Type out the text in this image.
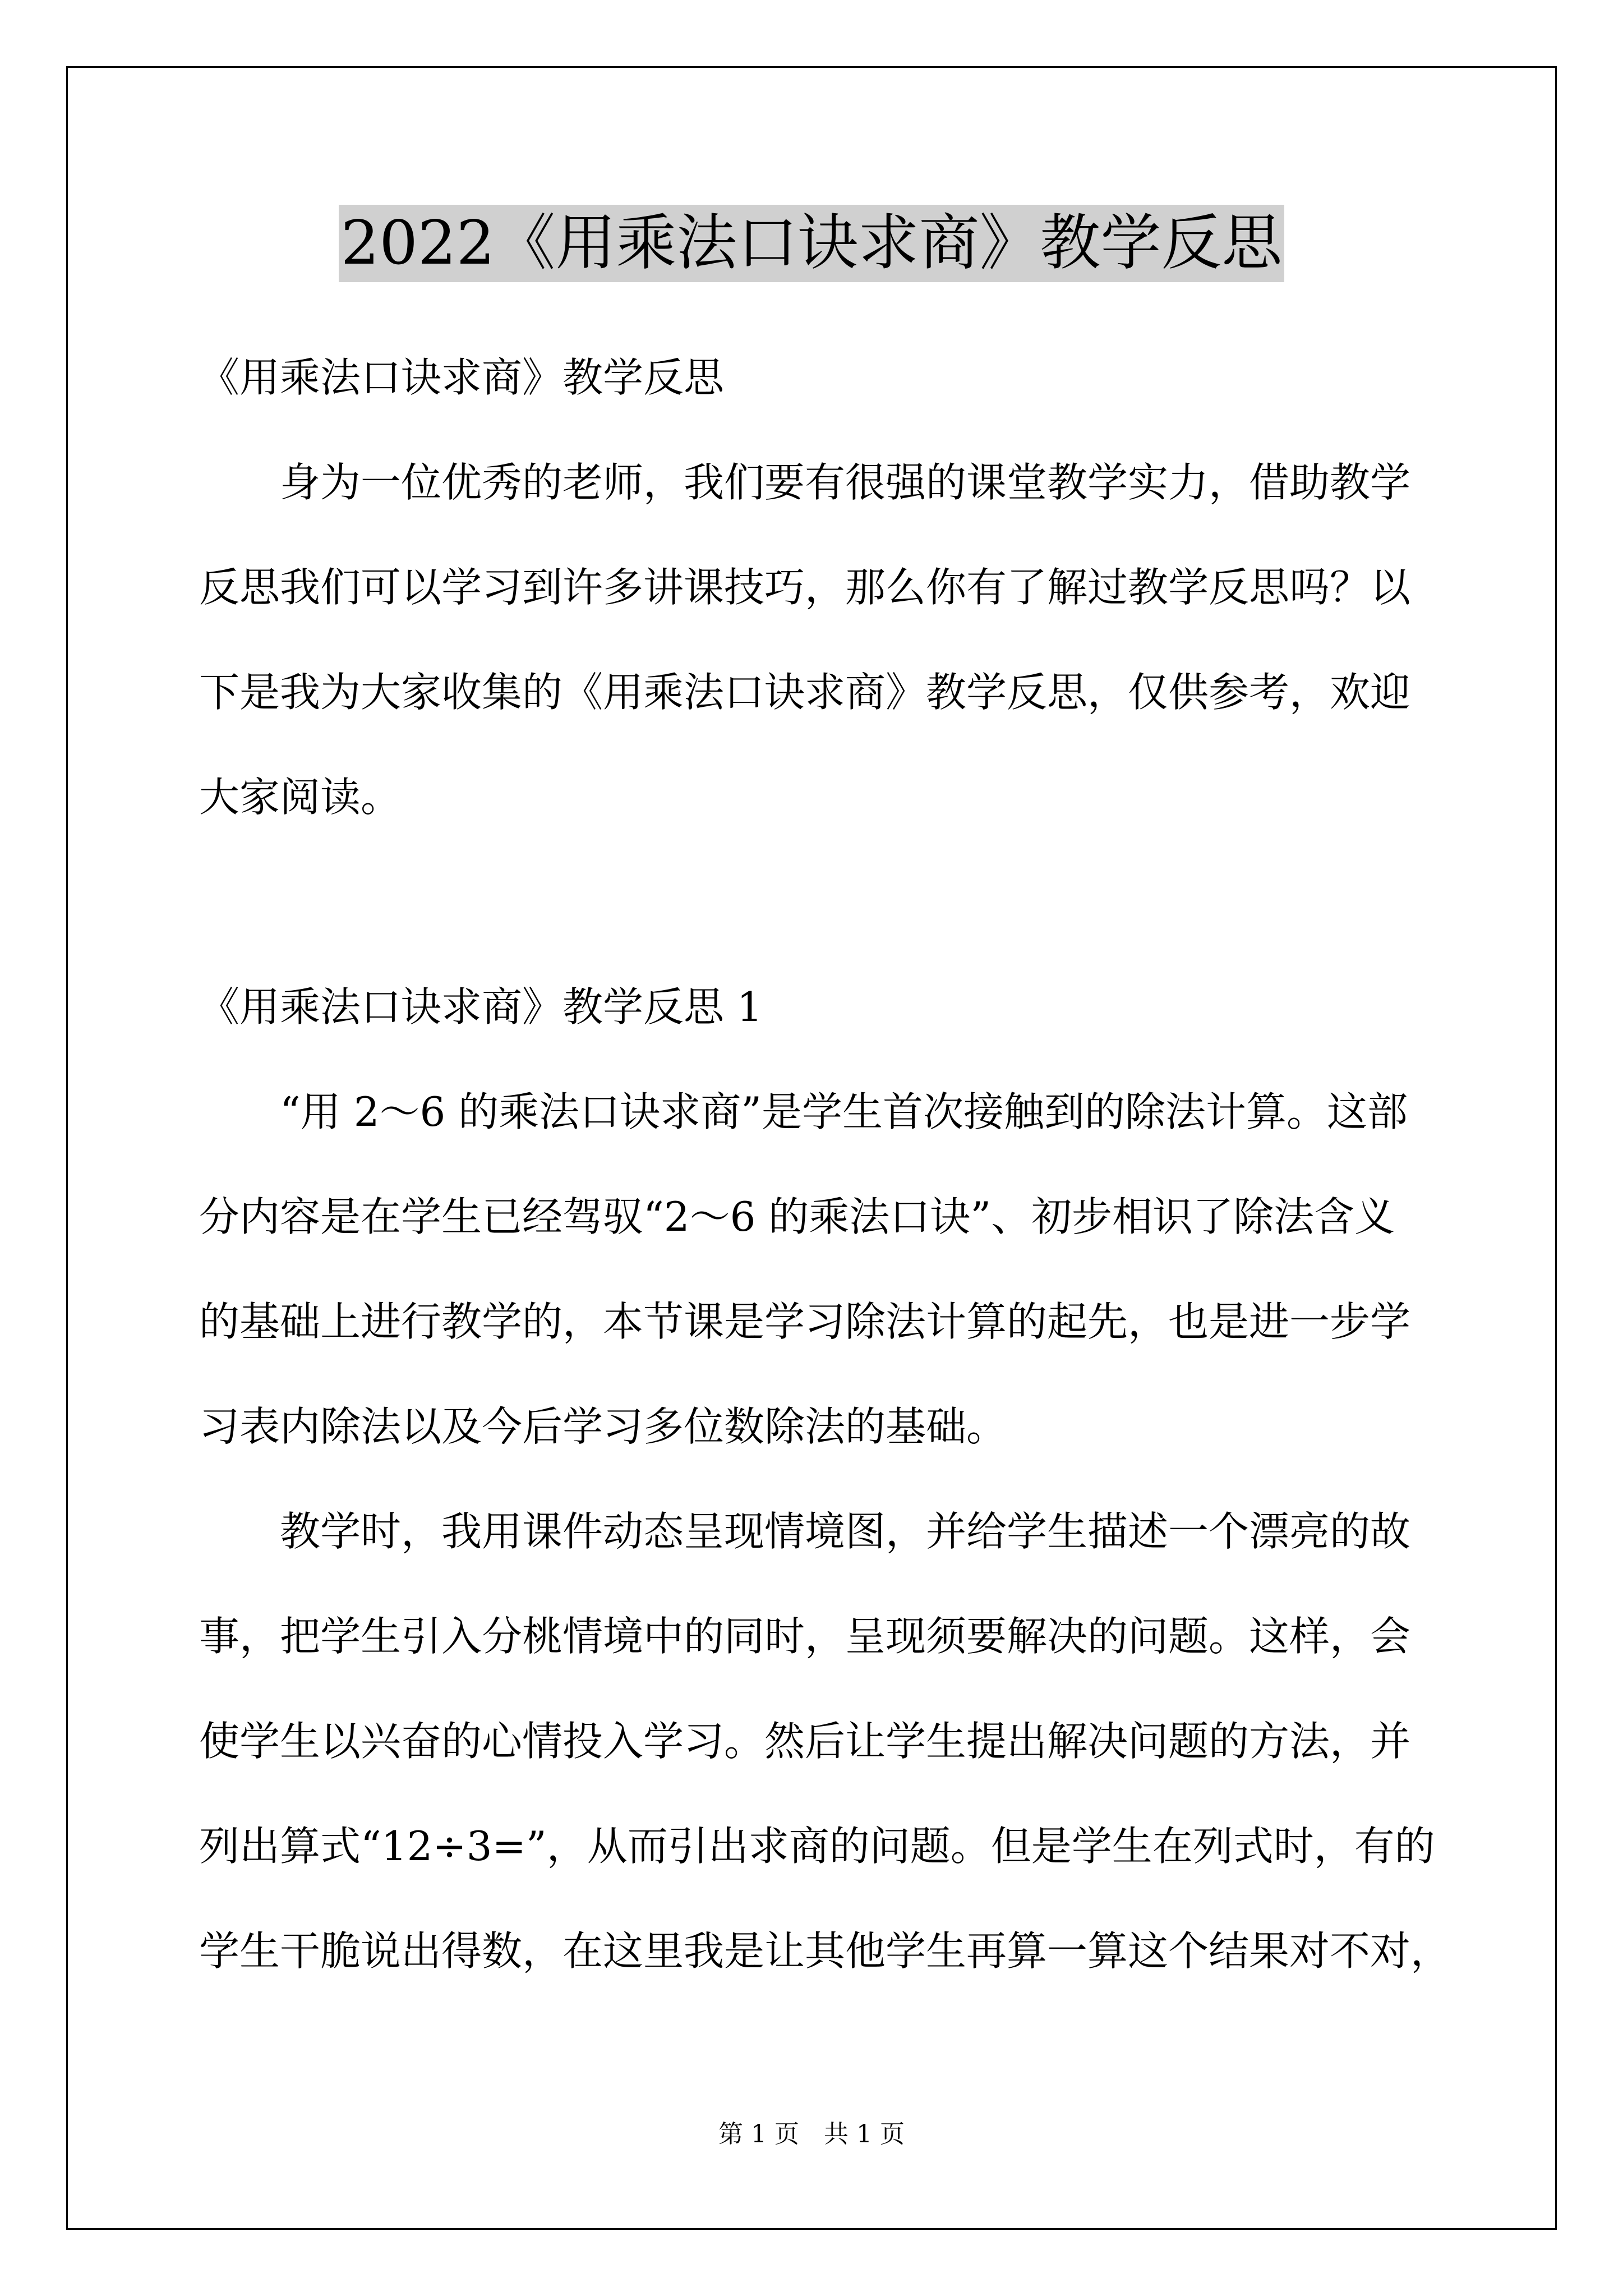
2022《用乘法口诀求商》教学反思
《用乘法口诀求商》教学反思
身为一位优秀的老师，我们要有很强的课堂教学实力，借助教学
反思我们可以学习到许多讲课技巧，那么你有了解过教学反思吗？以
下是我为大家收集的《用乘法口诀求商》教学反思，仅供参考，欢迎
大家阅读。
《用乘法口诀求商》教学反思 1
“用 2～6 的乘法口诀求商”是学生首次接触到的除法计算。这部
分内容是在学生已经驾驭“2～6 的乘法口诀”、初步相识了除法含义
的基础上进行教学的，本节课是学习除法计算的起先，也是进一步学
习表内除法以及今后学习多位数除法的基础。
教学时，我用课件动态呈现情境图，并给学生描述一个漂亮的故
事，把学生引入分桃情境中的同时，呈现须要解决的问题。这样，会
使学生以兴奋的心情投入学习。然后让学生提出解决问题的方法，并
列出算式“12÷3=”，从而引出求商的问题。但是学生在列式时，有的
学生干脆说出得数，在这里我是让其他学生再算一算这个结果对不对，
第 1 页　共 1 页
